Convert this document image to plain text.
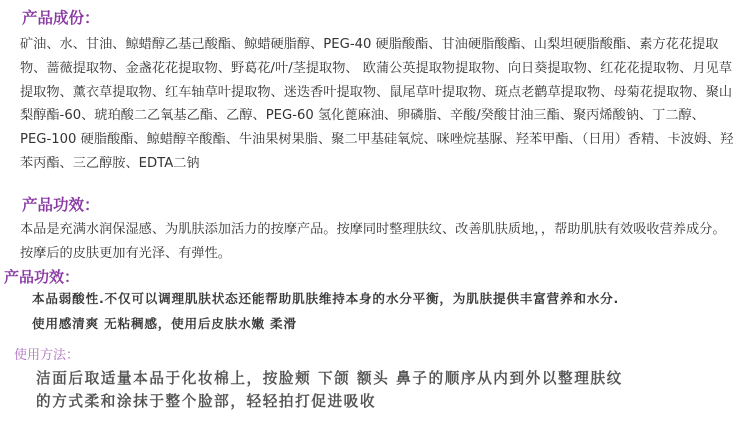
产品成份：

矿油、水、甘油、鲸蜡醇乙基己酸酯、鲸蜡硬脂醇、PEG-40 硬脂酸酯、甘油硬脂酸酯、山梨坦硬脂酸酯、素方花花提取物、蔷薇提取物、金盏花花提取物、野葛花/叶/茎提取物、 欧蒲公英提取物提取物、向日葵提取物、红花花提取物、月见草提取物、薰衣草提取物、红车轴草叶提取物、迷迭香叶提取物、鼠尾草叶提取物、斑点老鹳草提取物、母菊花提取物、聚山梨醇酯-60、琥珀酸二乙氧基乙酯、乙醇、PEG-60 氢化蓖麻油、卵磷脂、辛酸/癸酸甘油三酯、聚丙烯酸钠、丁二醇、PEG-100 硬脂酸酯、鲸蜡醇辛酸酯、牛油果树果脂、聚二甲基硅氧烷、咪唑烷基脲、羟苯甲酯、（日用）香精、卡波姆、羟苯丙酯、三乙醇胺、EDTA二钠

产品功效：

本品是充满水润保湿感、为肌肤添加活力的按摩产品。按摩同时整理肤纹、改善肌肤质地，，帮助肌肤有效吸收营养成分。按摩后的皮肤更加有光泽、有弹性。

产品功效：

本品弱酸性.不仅可以调理肌肤状态还能帮助肌肤维持本身的水分平衡，为肌肤提供丰富营养和水分.

使用感清爽 无粘稠感，使用后皮肤水嫩 柔滑

使用方法：

洁面后取适量本品于化妆棉上，按脸颊 下颌 额头 鼻子的顺序从内到外以整理肤纹

的方式柔和涂抹于整个脸部，轻轻拍打促进吸收
